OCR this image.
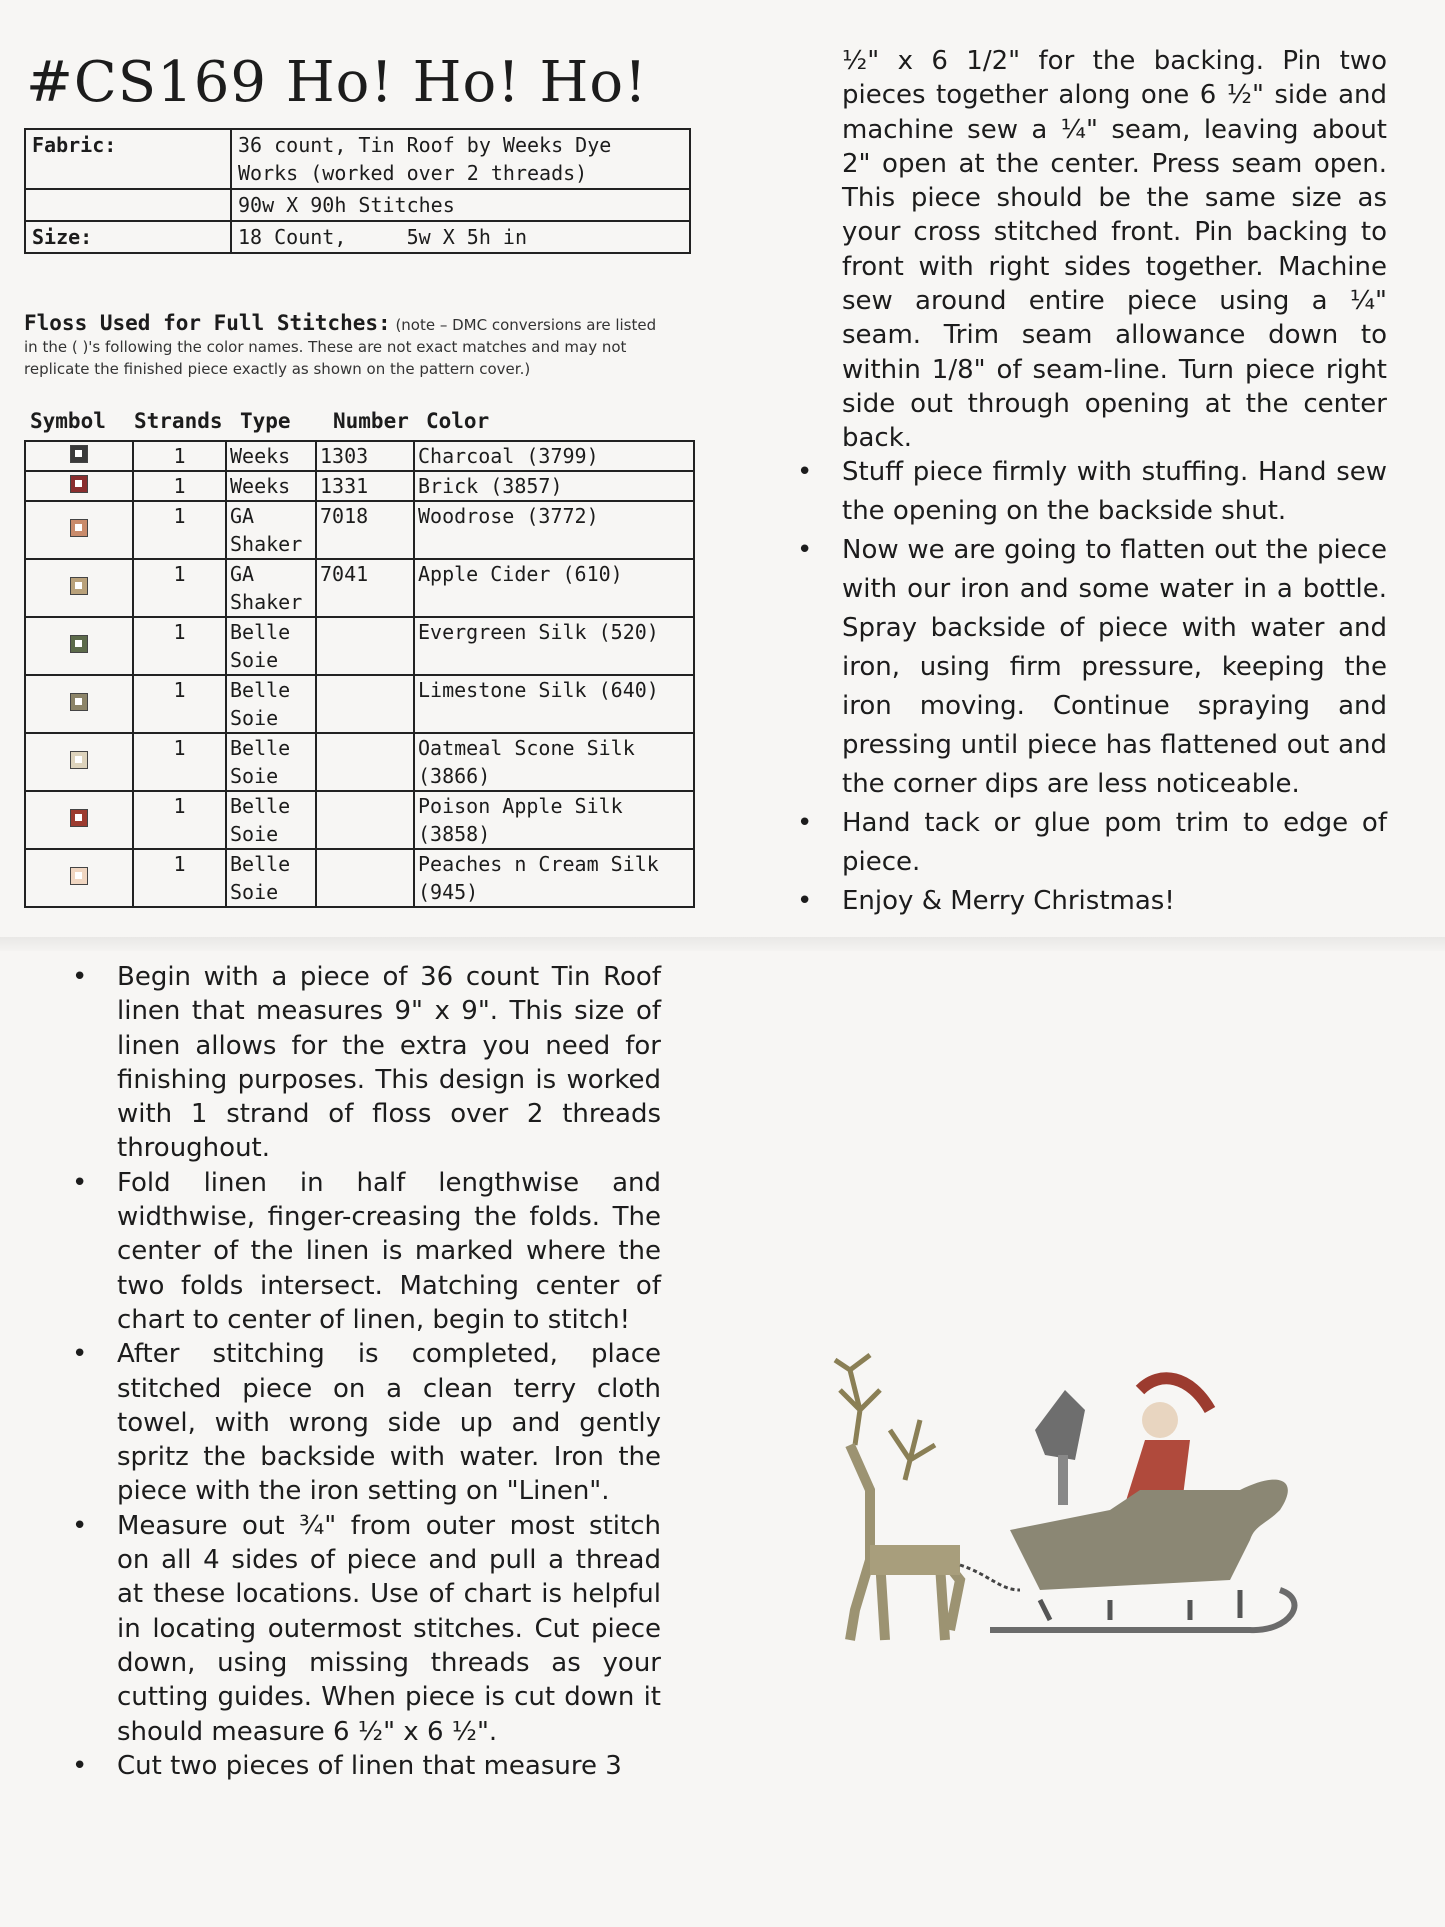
#CS169 Ho! Ho! Ho!
Fabric:	36 count, Tin Roof by Weeks Dye Works (worked over 2 threads)
	90w X 90h Stitches
Size:	18 Count,     5w X 5h in
Floss Used for Full Stitches: (note – DMC conversions are listed in the ( )'s following the color names. These are not exact matches and may not replicate the finished piece exactly as shown on the pattern cover.)
Symbol Strands Type Number Color
	1	Weeks	1303	Charcoal (3799)

	1	Weeks	1331	Brick (3857)

	1	GA Shaker	7018	Woodrose (3772)

	1	GA Shaker	7041	Apple Cider (610)

	1	Belle Soie		Evergreen Silk (520)

	1	Belle Soie		Limestone Silk (640)

	1	Belle Soie		Oatmeal Scone Silk (3866)

	1	Belle Soie		Poison Apple Silk (3858)

	1	Belle Soie		Peaches n Cream Silk (945)
• Begin with a piece of 36 count Tin Roof linen that measures 9" x 9". This size of linen allows for the extra you need for finishing purposes. This design is worked with 1 strand of floss over 2 threads throughout.
• Fold linen in half lengthwise and widthwise, finger-creasing the folds. The center of the linen is marked where the two folds intersect. Matching center of chart to center of linen, begin to stitch!
• After stitching is completed, place stitched piece on a clean terry cloth towel, with wrong side up and gently spritz the backside with water. Iron the piece with the iron setting on "Linen".
• Measure out ¾" from outer most stitch on all 4 sides of piece and pull a thread at these locations. Use of chart is helpful in locating outermost stitches. Cut piece down, using missing threads as your cutting guides. When piece is cut down it should measure 6 ½" x 6 ½".
• Cut two pieces of linen that measure 3
½" x 6 1/2" for the backing. Pin two pieces together along one 6 ½" side and machine sew a ¼" seam, leaving about 2" open at the center. Press seam open. This piece should be the same size as your cross stitched front. Pin backing to front with right sides together. Machine sew around entire piece using a ¼" seam. Trim seam allowance down to within 1/8" of seam-line. Turn piece right side out through opening at the center back.
• Stuff piece firmly with stuffing. Hand sew the opening on the backside shut.
• Now we are going to flatten out the piece with our iron and some water in a bottle. Spray backside of piece with water and iron, using firm pressure, keeping the iron moving. Continue spraying and pressing until piece has flattened out and the corner dips are less noticeable.
• Hand tack or glue pom trim to edge of piece.
• Enjoy & Merry Christmas!
